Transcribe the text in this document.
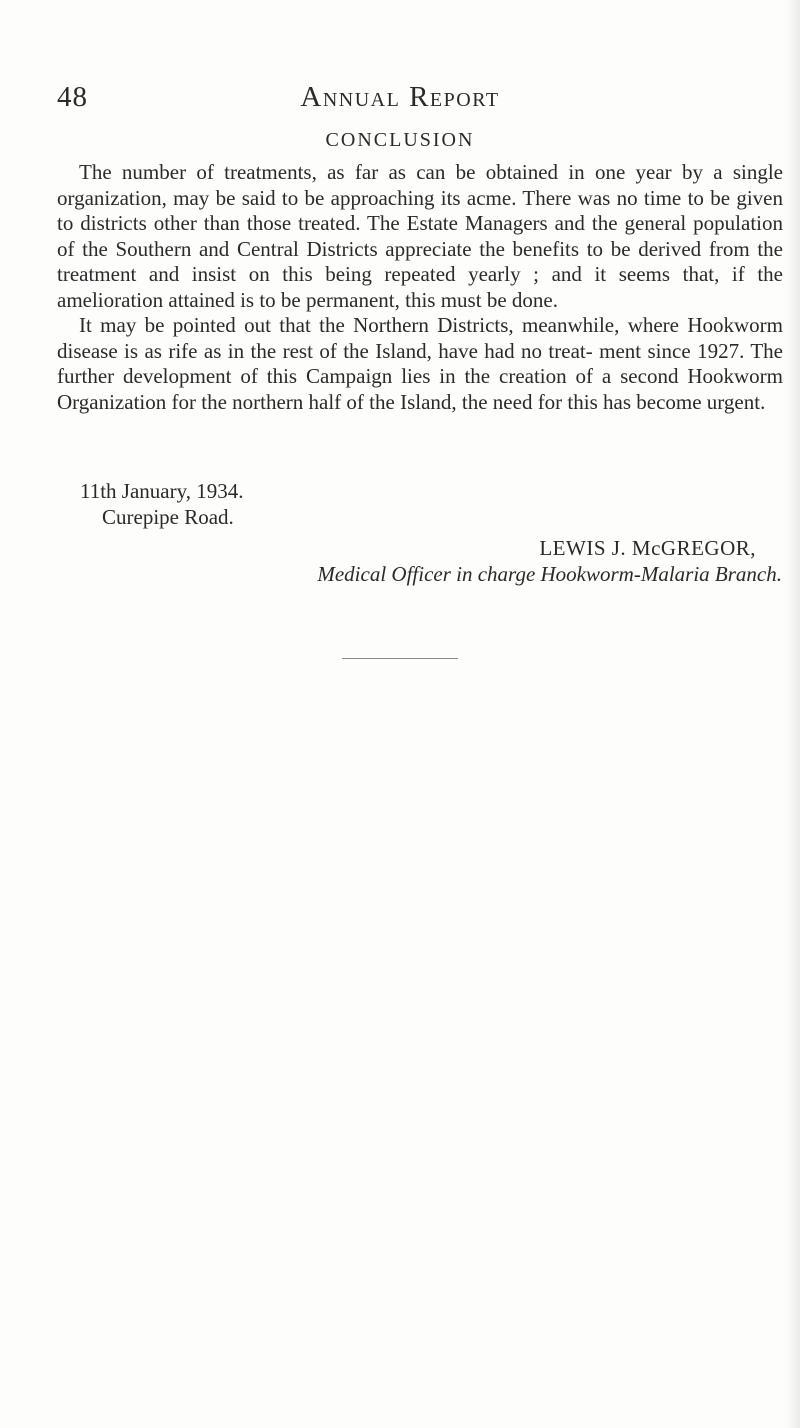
48	Annual Report
CONCLUSION

The number of treatments, as far as can be obtained in one year by a single organization, may be said to be approaching its acme. There was no time to be given to districts other than those treated. The Estate Managers and the general population of the Southern and Central Districts appreciate the benefits to be derived from the treatment and insist on this being repeated yearly ; and it seems that, if the amelioration attained is to be permanent, this must be done.

It may be pointed out that the Northern Districts, meanwhile, where Hookworm disease is as rife as in the rest of the Island, have had no treat- ment since 1927. The further development of this Campaign lies in the creation of a second Hookworm Organization for the northern half of the Island, the need for this has become urgent.

11th January, 1934.
Curepipe Road.
LEWIS J. McGREGOR,
Medical Officer in charge Hookworm-Malaria Branch.
